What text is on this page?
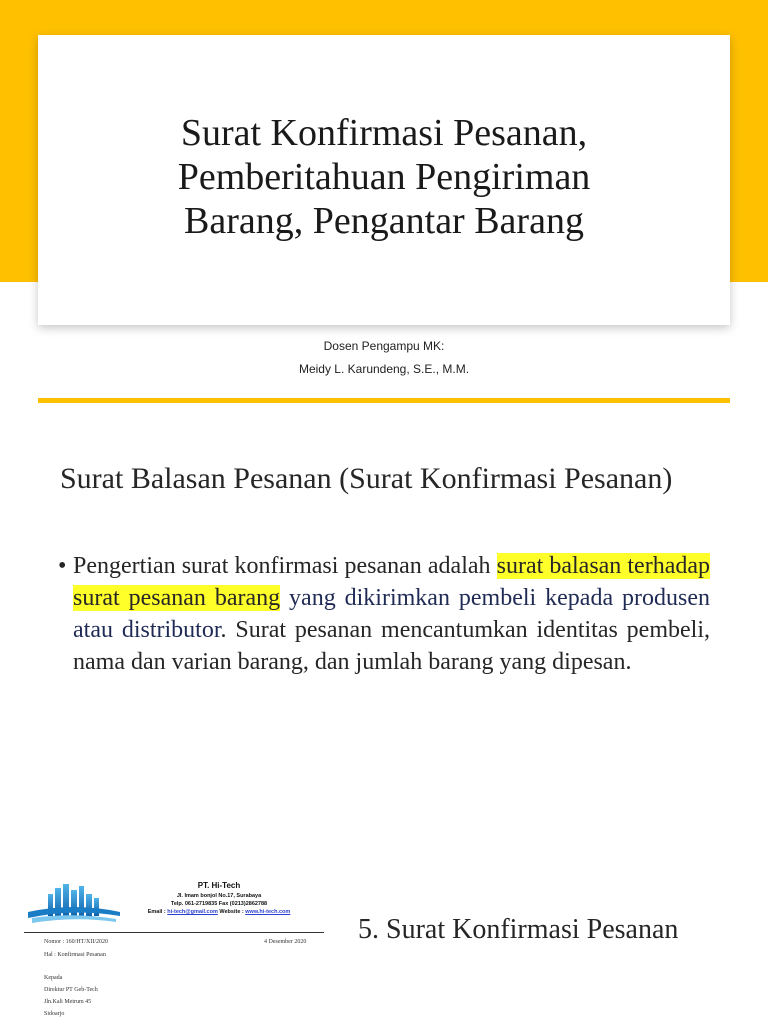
Surat Konfirmasi Pesanan, Pemberitahuan Pengiriman Barang, Pengantar Barang
Dosen Pengampu MK:
Meidy L. Karundeng, S.E., M.M.
Surat Balasan Pesanan (Surat Konfirmasi Pesanan)
• Pengertian surat konfirmasi pesanan adalah surat balasan terhadap surat pesanan barang yang dikirimkan pembeli kepada produsen atau distributor. Surat pesanan mencantumkan identitas pembeli, nama dan varian barang, dan jumlah barang yang dipesan.
PT. Hi-Tech
Jl. Imam bonjol No.17, Surabaya
Telp. 061-2719835 Fax (0213)2862788
Email : hi-tech@gmail.com Website : www.hi-tech.com
Nomor : 160/HT/XII/2020	4 Desember 2020
Hal : Konfirmasi Pesanan
Kepada
Direktur PT Geb-Tech
Jln.Kali Metrum 45
Sidoarjo
5. Surat Konfirmasi Pesanan
